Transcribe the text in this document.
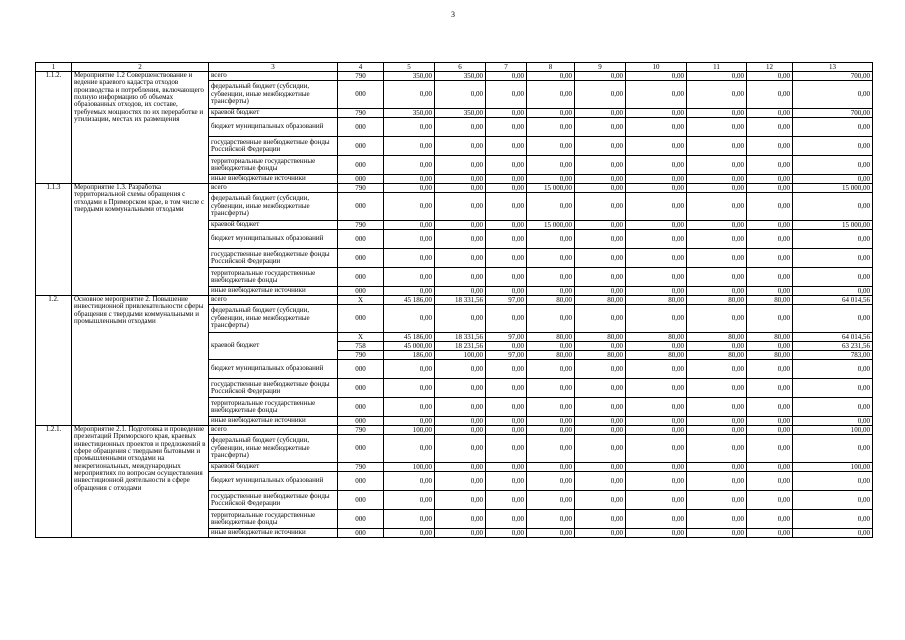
3
1	2	3	4	5	6	7	8	9	10	11	12	13
1.1.2.	Мероприятие 1.2 Совершенствование и ведение краевого кадастра отходов производства и потребления, включающего полную информацию об объемах образованных отходов, их составе, требуемых мощностях по их переработке и утилизации, местах их размещения	всего	790	350,00	350,00	0,00	0,00	0,00	0,00	0,00	0,00	700,00
		федеральный бюджет (субсидии, субвенции, иные межбюджетные трансферты)	000	0,00	0,00	0,00	0,00	0,00	0,00	0,00	0,00	0,00
		краевой бюджет	790	350,00	350,00	0,00	0,00	0,00	0,00	0,00	0,00	700,00
		бюджет муниципальных образований	000	0,00	0,00	0,00	0,00	0,00	0,00	0,00	0,00	0,00
		государственные внебюджетные фонды Российской Федерации	000	0,00	0,00	0,00	0,00	0,00	0,00	0,00	0,00	0,00
		территориальные государственные внебюджетные фонды	000	0,00	0,00	0,00	0,00	0,00	0,00	0,00	0,00	0,00
		иные внебюджетные источники	000	0,00	0,00	0,00	0,00	0,00	0,00	0,00	0,00	0,00
1.1.3	Мероприятие 1.3. Разработка территориальной схемы обращения с отходами в Приморском крае, в том числе с твердыми коммунальными отходами	всего	790	0,00	0,00	0,00	15 000,00	0,00	0,00	0,00	0,00	15 000,00
		федеральный бюджет (субсидии, субвенции, иные межбюджетные трансферты)	000	0,00	0,00	0,00	0,00	0,00	0,00	0,00	0,00	0,00
		краевой бюджет	790	0,00	0,00	0,00	15 000,00	0,00	0,00	0,00	0,00	15 000,00
		бюджет муниципальных образований	000	0,00	0,00	0,00	0,00	0,00	0,00	0,00	0,00	0,00
		государственные внебюджетные фонды Российской Федерации	000	0,00	0,00	0,00	0,00	0,00	0,00	0,00	0,00	0,00
		территориальные государственные внебюджетные фонды	000	0,00	0,00	0,00	0,00	0,00	0,00	0,00	0,00	0,00
		иные внебюджетные источники	000	0,00	0,00	0,00	0,00	0,00	0,00	0,00	0,00	0,00
1.2.	Основное мероприятие 2. Повышение инвестиционной привлекательности сферы обращения с твердыми коммунальными и промышленными отходами	всего	X	45 186,00	18 331,56	97,00	80,00	80,00	80,00	80,00	80,00	64 014,56
		федеральный бюджет (субсидии, субвенции, иные межбюджетные трансферты)	000	0,00	0,00	0,00	0,00	0,00	0,00	0,00	0,00	0,00
		краевой бюджет	X	45 186,00	18 331,56	97,00	80,00	80,00	80,00	80,00	80,00	64 014,56
			758	45 000,00	18 231,56	0,00	0,00	0,00	0,00	0,00	0,00	63 231,56
			790	186,00	100,00	97,00	80,00	80,00	80,00	80,00	80,00	783,00
		бюджет муниципальных образований	000	0,00	0,00	0,00	0,00	0,00	0,00	0,00	0,00	0,00
		государственные внебюджетные фонды Российской Федерации	000	0,00	0,00	0,00	0,00	0,00	0,00	0,00	0,00	0,00
		территориальные государственные внебюджетные фонды	000	0,00	0,00	0,00	0,00	0,00	0,00	0,00	0,00	0,00
		иные внебюджетные источники	000	0,00	0,00	0,00	0,00	0,00	0,00	0,00	0,00	0,00
1.2.1.	Мероприятие 2.1. Подготовка и проведение презентаций Приморского края, краевых инвестиционных проектов и предложений в сфере обращения с твердыми бытовыми и промышленными отходами на межрегиональных, международных мероприятиях по вопросам осуществления инвестиционной деятельности в сфере обращения с отходами	всего	790	100,00	0,00	0,00	0,00	0,00	0,00	0,00	0,00	100,00
		федеральный бюджет (субсидии, субвенции, иные межбюджетные трансферты)	000	0,00	0,00	0,00	0,00	0,00	0,00	0,00	0,00	0,00
		краевой бюджет	790	100,00	0,00	0,00	0,00	0,00	0,00	0,00	0,00	100,00
		бюджет муниципальных образований	000	0,00	0,00	0,00	0,00	0,00	0,00	0,00	0,00	0,00
		государственные внебюджетные фонды Российской Федерации	000	0,00	0,00	0,00	0,00	0,00	0,00	0,00	0,00	0,00
		территориальные государственные внебюджетные фонды	000	0,00	0,00	0,00	0,00	0,00	0,00	0,00	0,00	0,00
		иные внебюджетные источники	000	0,00	0,00	0,00	0,00	0,00	0,00	0,00	0,00	0,00
